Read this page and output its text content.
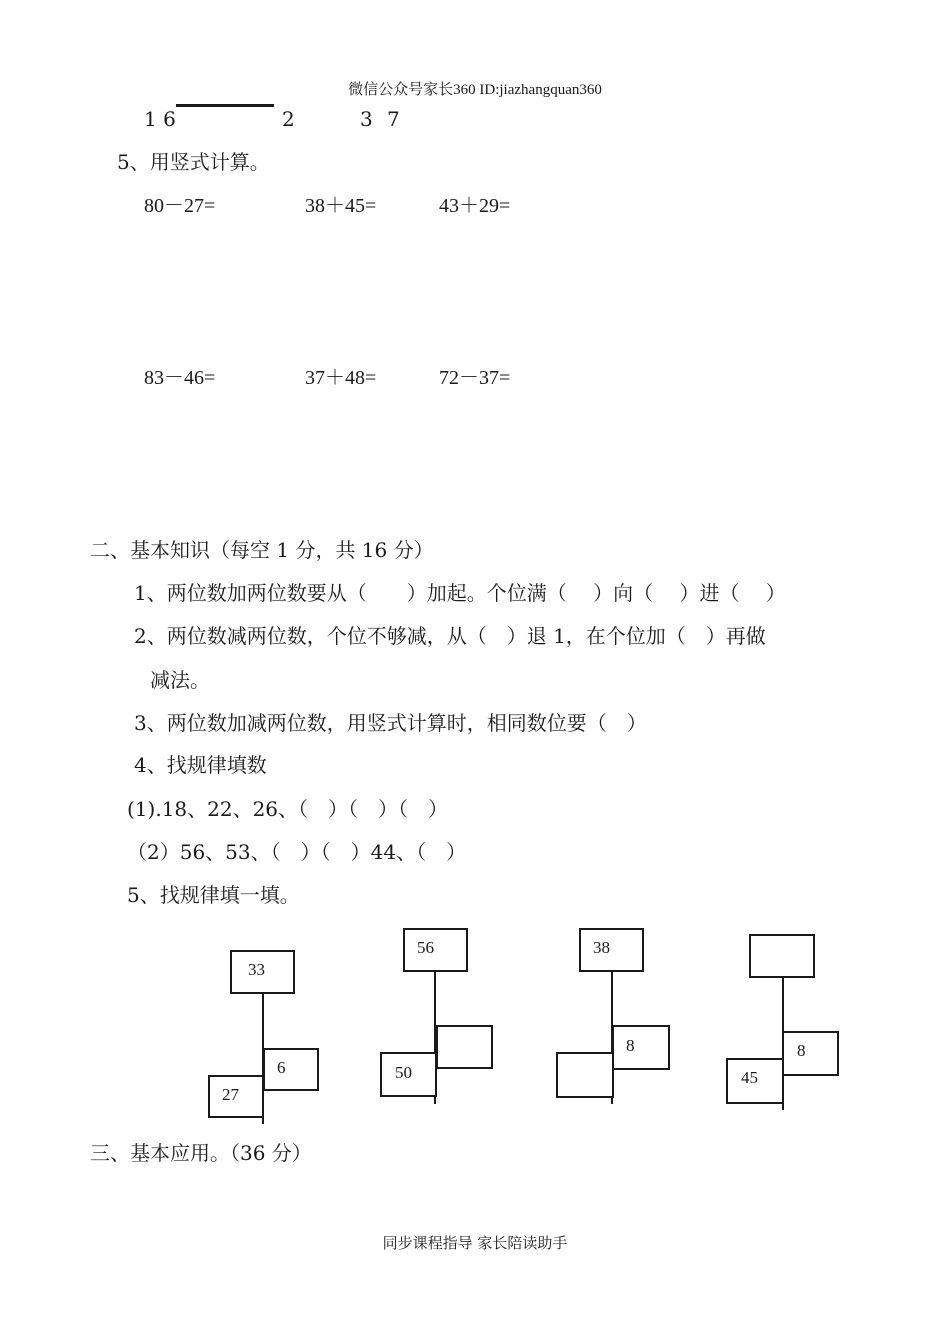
微信公众号家长360 ID:jiazhangquan360
1 6	2	3 7
5、用竖式计算。
80－27=	38＋45=	43＋29=
83－46=	37＋48=	72－37=
二、基本知识（每空 1 分，共 16 分）
1、两位数加两位数要从（　　）加起。个位满（　 ）向（　 ）进（　 ）
2、两位数减两位数，个位不够减，从（　）退 1，在个位加（　）再做
减法。
3、两位数加减两位数，用竖式计算时，相同数位要（　）
4、找规律填数
(1).18、22、26、（　）（　）（　）
（2）56、53、（　）（　）44、（　）
5、找规律填一填。
33
6
27
56
50
38
8	8
45
三、基本应用。（36 分）
同步课程指导 家长陪读助手
